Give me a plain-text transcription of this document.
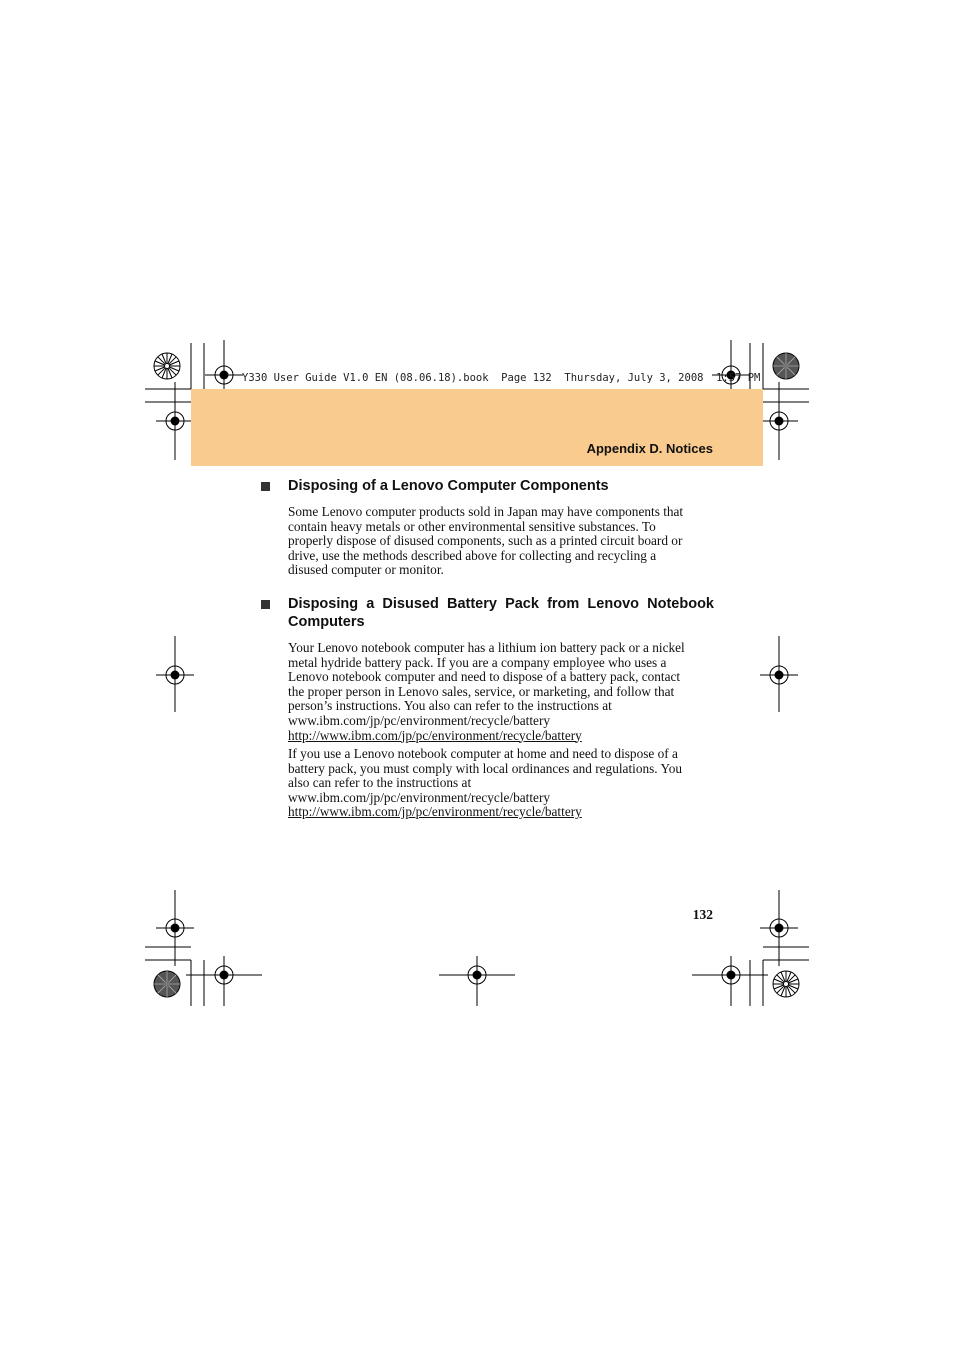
Y330 User Guide V1.0 EN (08.06.18).book  Page 132  Thursday, July 3, 2008  1:57 PM
Appendix D. Notices
Disposing of a Lenovo Computer Components
Some Lenovo computer products sold in Japan may have components that
contain heavy metals or other environmental sensitive substances. To
properly dispose of disused components, such as a printed circuit board or
drive, use the methods described above for collecting and recycling a
disused computer or monitor.
Disposing a Disused Battery Pack from Lenovo Notebook
Computers
Your Lenovo notebook computer has a lithium ion battery pack or a nickel
metal hydride battery pack. If you are a company employee who uses a
Lenovo notebook computer and need to dispose of a battery pack, contact
the proper person in Lenovo sales, service, or marketing, and follow that
person’s instructions. You also can refer to the instructions at
www.ibm.com/jp/pc/environment/recycle/battery
http://www.ibm.com/jp/pc/environment/recycle/battery
If you use a Lenovo notebook computer at home and need to dispose of a
battery pack, you must comply with local ordinances and regulations. You
also can refer to the instructions at
www.ibm.com/jp/pc/environment/recycle/battery
http://www.ibm.com/jp/pc/environment/recycle/battery
132
